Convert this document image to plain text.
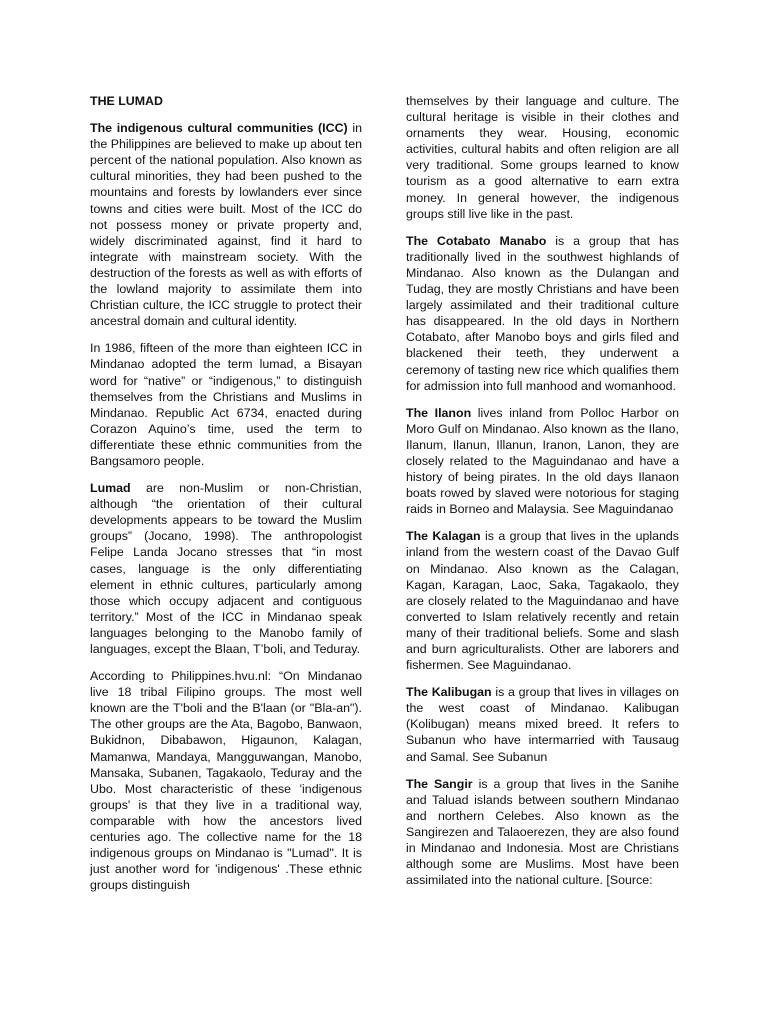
THE LUMAD

The indigenous cultural communities (ICC) in the Philippines are believed to make up about ten percent of the national population. Also known as cultural minorities, they had been pushed to the mountains and forests by lowlanders ever since towns and cities were built. Most of the ICC do not possess money or private property and, widely discriminated against, find it hard to integrate with mainstream society. With the destruction of the forests as well as with efforts of the lowland majority to assimilate them into Christian culture, the ICC struggle to protect their ancestral domain and cultural identity.

In 1986, fifteen of the more than eighteen ICC in Mindanao adopted the term lumad, a Bisayan word for “native” or “indigenous,” to distinguish themselves from the Christians and Muslims in Mindanao. Republic Act 6734, enacted during Corazon Aquino’s time, used the term to differentiate these ethnic communities from the Bangsamoro people.

Lumad are non-Muslim or non-Christian, although “the orientation of their cultural developments appears to be toward the Muslim groups” (Jocano, 1998). The anthropologist Felipe Landa Jocano stresses that “in most cases, language is the only differentiating element in ethnic cultures, particularly among those which occupy adjacent and contiguous territory.” Most of the ICC in Mindanao speak languages belonging to the Manobo family of languages, except the Blaan, T’boli, and Teduray.

According to Philippines.hvu.nl: “On Mindanao live 18 tribal Filipino groups. The most well known are the T'boli and the B'laan (or "Bla-an"). The other groups are the Ata, Bagobo, Banwaon, Bukidnon, Dibabawon, Higaunon, Kalagan, Mamanwa, Mandaya, Mangguwangan, Manobo, Mansaka, Subanen, Tagakaolo, Teduray and the Ubo. Most characteristic of these 'indigenous groups' is that they live in a traditional way, comparable with how the ancestors lived centuries ago. The collective name for the 18 indigenous groups on Mindanao is "Lumad". It is just another word for 'indigenous' .These ethnic groups distinguish

themselves by their language and culture. The cultural heritage is visible in their clothes and ornaments they wear. Housing, economic activities, cultural habits and often religion are all very traditional. Some groups learned to know tourism as a good alternative to earn extra money. In general however, the indigenous groups still live like in the past.

The Cotabato Manabo is a group that has traditionally lived in the southwest highlands of Mindanao. Also known as the Dulangan and Tudag, they are mostly Christians and have been largely assimilated and their traditional culture has disappeared. In the old days in Northern Cotabato, after Manobo boys and girls filed and blackened their teeth, they underwent a ceremony of tasting new rice which qualifies them for admission into full manhood and womanhood.

The Ilanon lives inland from Polloc Harbor on Moro Gulf on Mindanao. Also known as the Ilano, Ilanum, Ilanun, Illanun, Iranon, Lanon, they are closely related to the Maguindanao and have a history of being pirates. In the old days Ilanaon boats rowed by slaved were notorious for staging raids in Borneo and Malaysia. See Maguindanao

The Kalagan is a group that lives in the uplands inland from the western coast of the Davao Gulf on Mindanao. Also known as the Calagan, Kagan, Karagan, Laoc, Saka, Tagakaolo, they are closely related to the Maguindanao and have converted to Islam relatively recently and retain many of their traditional beliefs. Some and slash and burn agriculturalists. Other are laborers and fishermen. See Maguindanao.

The Kalibugan is a group that lives in villages on the west coast of Mindanao. Kalibugan (Kolibugan) means mixed breed. It refers to Subanun who have intermarried with Tausaug and Samal. See Subanun

The Sangir is a group that lives in the Sanihe and Taluad islands between southern Mindanao and northern Celebes. Also known as the Sangirezen and Talaoerezen, they are also found in Mindanao and Indonesia. Most are Christians although some are Muslims. Most have been assimilated into the national culture. [Source:
